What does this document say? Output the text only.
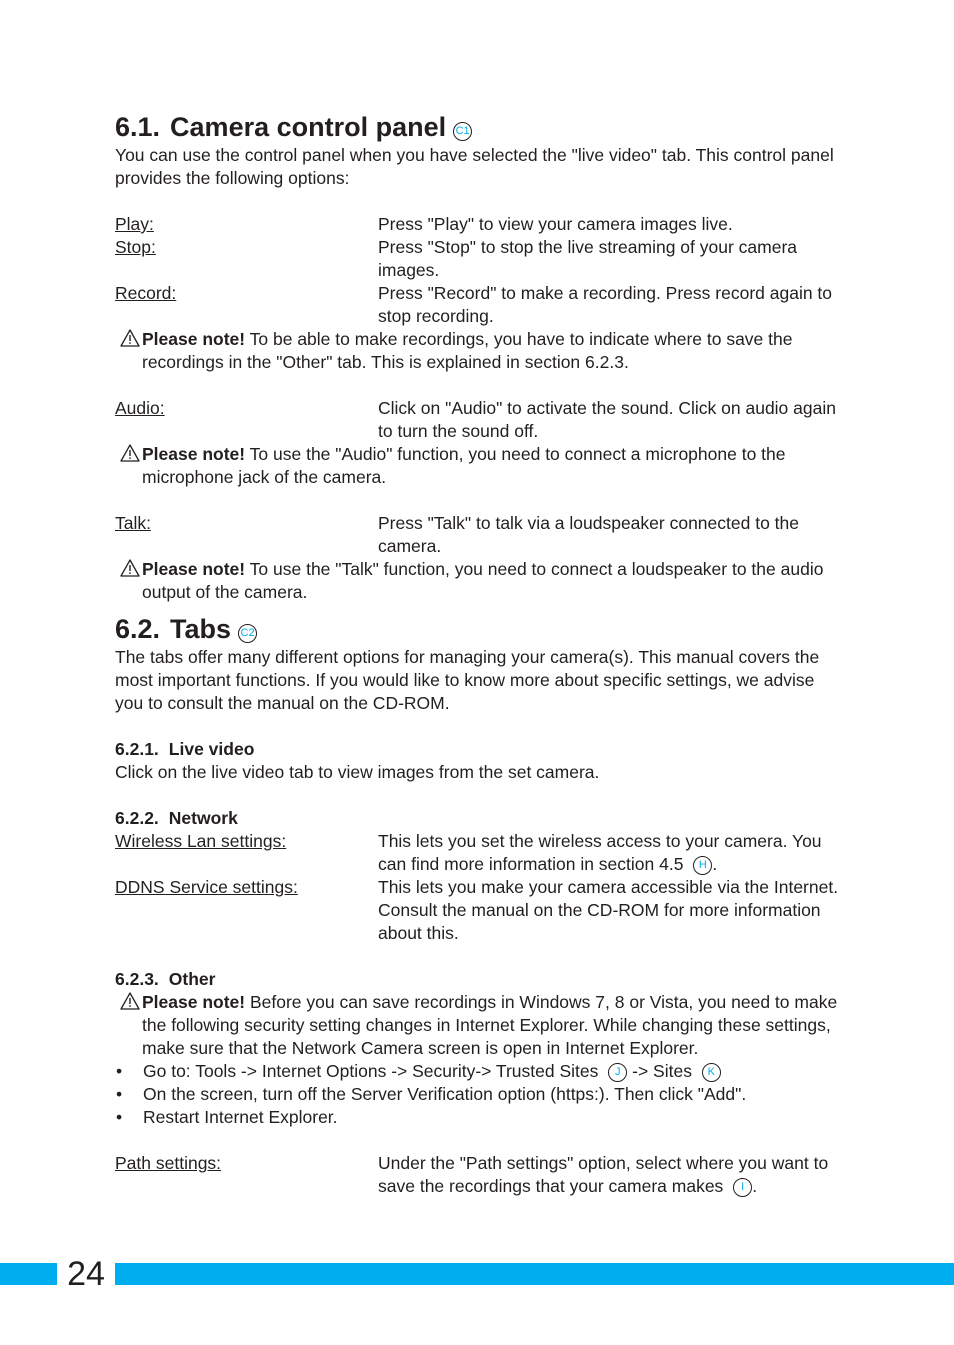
6.1. Camera control panel C1

You can use the control panel when you have selected the "live video" tab. This control panel provides the following options:

Play:	Press "Play" to view your camera images live.
Stop:	Press "Stop" to stop the live streaming of your camera images.
Record:	Press "Record" to make a recording. Press record again to stop recording.
Please note! To be able to make recordings, you have to indicate where to save the recordings in the "Other" tab. This is explained in section 6.2.3.
Audio:	Click on "Audio" to activate the sound. Click on audio again to turn the sound off.
Please note! To use the "Audio" function, you need to connect a microphone to the microphone jack of the camera.
Talk:	Press "Talk" to talk via a loudspeaker connected to the camera.
Please note! To use the "Talk" function, you need to connect a loudspeaker to the audio output of the camera.
6.2. Tabs C2

The tabs offer many different options for managing your camera(s). This manual covers the most important functions. If you would like to know more about specific settings, we advise you to consult the manual on the CD-ROM.

6.2.1. Live video

Click on the live video tab to view images from the set camera.

6.2.2. Network
Wireless Lan settings:	This lets you set the wireless access to your camera. You can find more information in section 4.5 H .
DDNS Service settings:	This lets you make your camera accessible via the Internet. Consult the manual on the CD-ROM for more information about this.
6.2.3. Other
Please note! Before you can save recordings in Windows 7, 8 or Vista, you need to make the following security setting changes in Internet Explorer. While changing these settings, make sure that the Network Camera screen is open in Internet Explorer.
•	Go to: Tools -> Internet Options -> Security-> Trusted Sites J -> Sites K
•	On the screen, turn off the Server Verification option (https:). Then click "Add".
•	Restart Internet Explorer.
Path settings:	Under the "Path settings" option, select where you want to save the recordings that your camera makes I .
24
